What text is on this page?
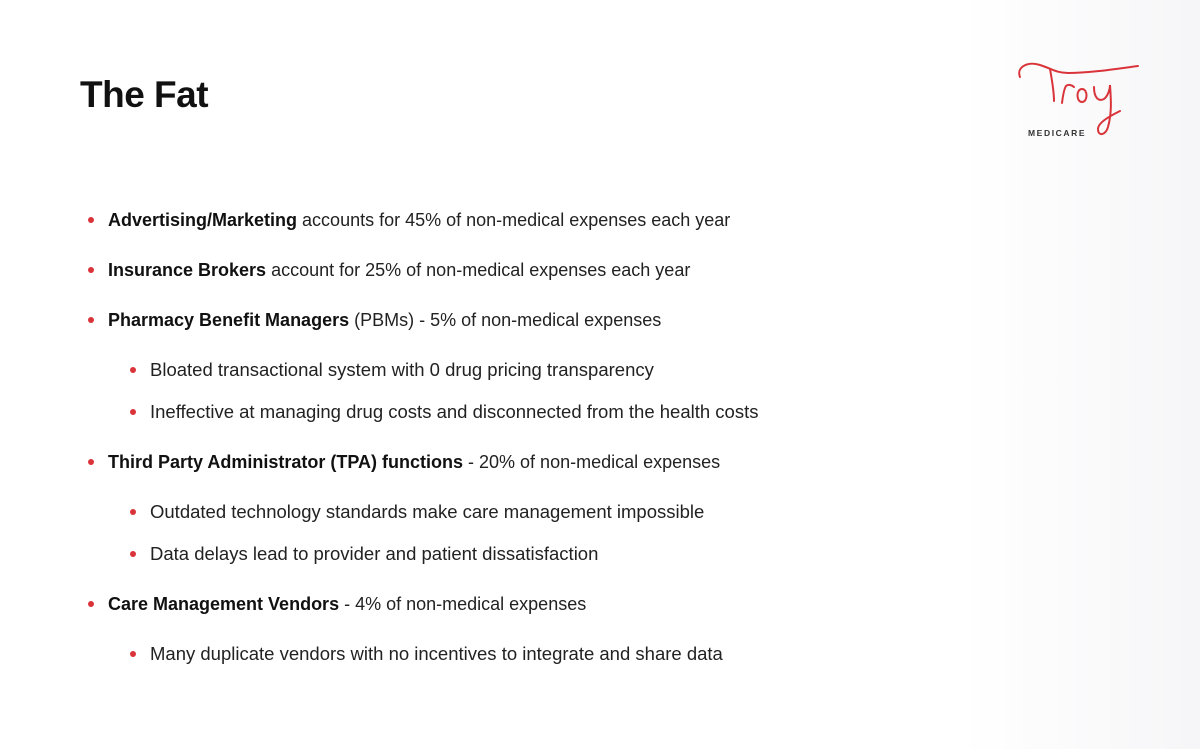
The Fat
MEDICARE
Advertising/Marketing accounts for 45% of non-medical expenses each year
Insurance Brokers account for 25% of non-medical expenses each year
Pharmacy Benefit Managers (PBMs) - 5% of non-medical expenses
Bloated transactional system with 0 drug pricing transparency
Ineffective at managing drug costs and disconnected from the health costs
Third Party Administrator (TPA) functions - 20% of non-medical expenses
Outdated technology standards make care management impossible
Data delays lead to provider and patient dissatisfaction
Care Management Vendors - 4% of non-medical expenses
Many duplicate vendors with no incentives to integrate and share data
